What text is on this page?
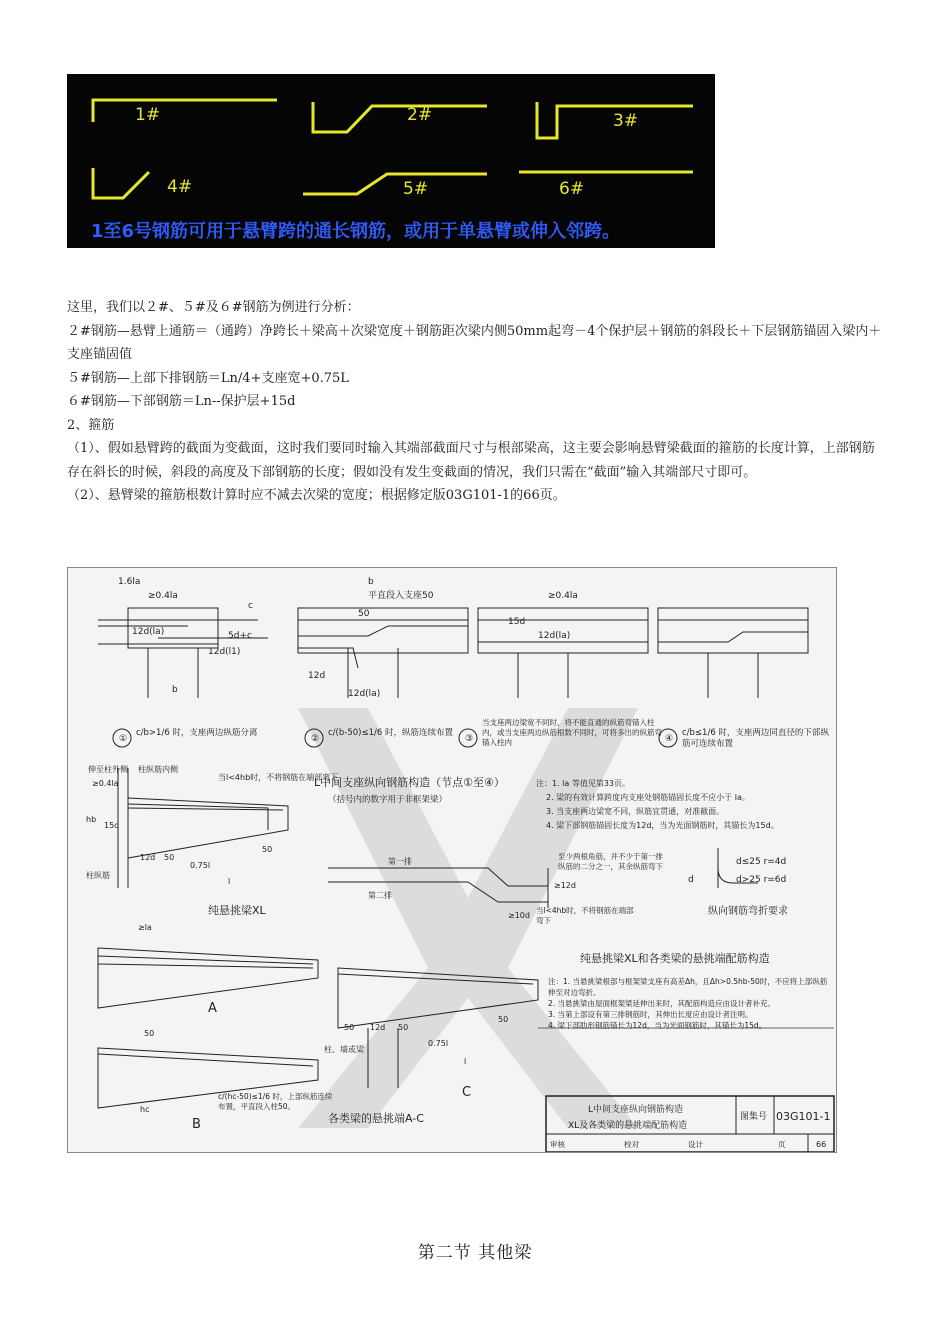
1#	2#	3#
4#	5#	6#
1至6号钢筋可用于悬臂跨的通长钢筋，或用于单悬臂或伸入邻跨。

这里，我们以２#、５#及６#钢筋为例进行分析：

２#钢筋—悬臂上通筋＝（通跨）净跨长＋梁高＋次梁宽度＋钢筋距次梁内侧50mm起弯－4个保护层＋钢筋的斜段长＋下层钢筋锚固入梁内＋支座锚固值

５#钢筋—上部下排钢筋＝Ln/4+支座宽+0.75L

６#钢筋—下部钢筋＝Ln--保护层+15d

2、箍筋

（1）、假如悬臂跨的截面为变截面，这时我们要同时输入其端部截面尺寸与根部梁高，这主要会影响悬臂梁截面的箍筋的长度计算，上部钢筋存在斜长的时候，斜段的高度及下部钢筋的长度；假如没有发生变截面的情况，我们只需在“截面”输入其端部尺寸即可。

（2）、悬臂梁的箍筋根数计算时应不减去次梁的宽度；根据修定版03G101-1的66页。

1.6la
≥0.4la
12d(la)
12d(l1)
b
c
5d+c
平直段入支座50
50
≥0.4la
12d(la)
15d
12d(la)
12d
b
①	②	③	④
c/b>1/6 时，支座两边纵筋分离	c/(b-50)≤1/6 时，纵筋连续布置
当支座两边梁宽不同时，将不能直通的纵筋弯锚入柱内，或当支座两边纵筋根数不同时，可将多出的纵筋弯锚入柱内
c/b≤1/6 时，支座两边同直径的下部纵筋可连续布置
L中间支座纵向钢筋构造（节点①至④）
（括号内的数字用于非框架梁）
注：1. la 等值见第33页。
2. 梁的有效计算跨度内支座处钢筋锚固长度不应小于 la。
3. 当支座两边梁宽不同，纵筋宜贯通，对准截面。
4. 梁下部钢筋锚固长度为12d，当为光面钢筋时，其锚长为15d。
伸至柱外侧 柱纵筋内侧
≥0.4la
当l<4hb时，不将钢筋在端部弯下
15d
hb
12d 50
0.75l
50
l
柱纵筋
≥la
纯悬挑梁XL
第一排
第二排
≥12d
≥10d
至少两根角筋，并不少于第一排纵筋的二分之一，其余纵筋弯下
当l<4hb时，不将钢筋在端部弯下
d≤25 r=4d
d>25 r=6d
d
纵向钢筋弯折要求
纯悬挑梁XL和各类梁的悬挑端配筋构造
注：1. 当悬挑梁根部与框架梁支座有高差Δh，且Δh>0.5hb-50时，不应将上部纵筋伸至对边弯折。
2. 当悬挑梁由屋面框架梁延伸出来时，其配筋构造应由设计者补充。
3. 当第上部设有第三排钢筋时，其伸出长度应由设计者注明。
4. 梁下部肋形钢筋锚长为12d，当为光面钢筋时，其锚长为15d。
A
B
C
50
50 12d 50
0.75l
l
50
柱、墙或梁
hc
c/(hc-50)≤1/6 时，上部纵筋连续布置，平直段入柱50。
各类梁的悬挑端A-C
L中间支座纵向钢筋构造
XL及各类梁的悬挑端配筋构造
图集号 03G101-1
审核	校对	设计	页	66
第二节 其他梁
